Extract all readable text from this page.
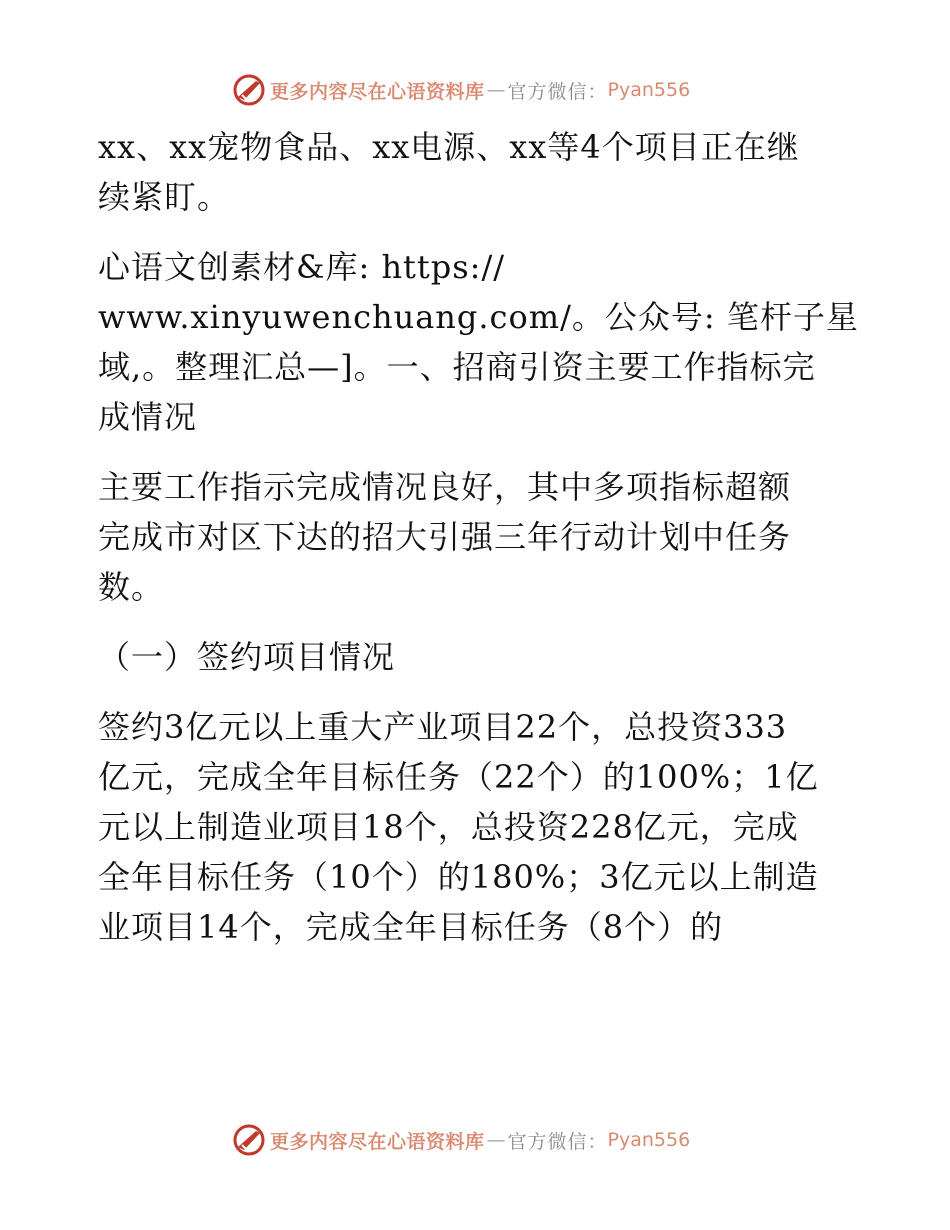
更多内容尽在心语资料库 — 官方微信： Pyan556

xx、xx宠物食品、xx电源、xx等4个项目正在继
续紧盯。

心语文创素材&库: https://
www.xinyuwenchuang.com/。公众号: 笔杆子星
域,。整理汇总—]。一、招商引资主要工作指标完
成情况

主要工作指示完成情况良好，其中多项指标超额
完成市对区下达的招大引强三年行动计划中任务
数。

（一）签约项目情况

签约3亿元以上重大产业项目22个，总投资333
亿元，完成全年目标任务（22个）的100%；1亿
元以上制造业项目18个，总投资228亿元，完成
全年目标任务（10个）的180%；3亿元以上制造
业项目14个，完成全年目标任务（8个）的

更多内容尽在心语资料库 — 官方微信： Pyan556
